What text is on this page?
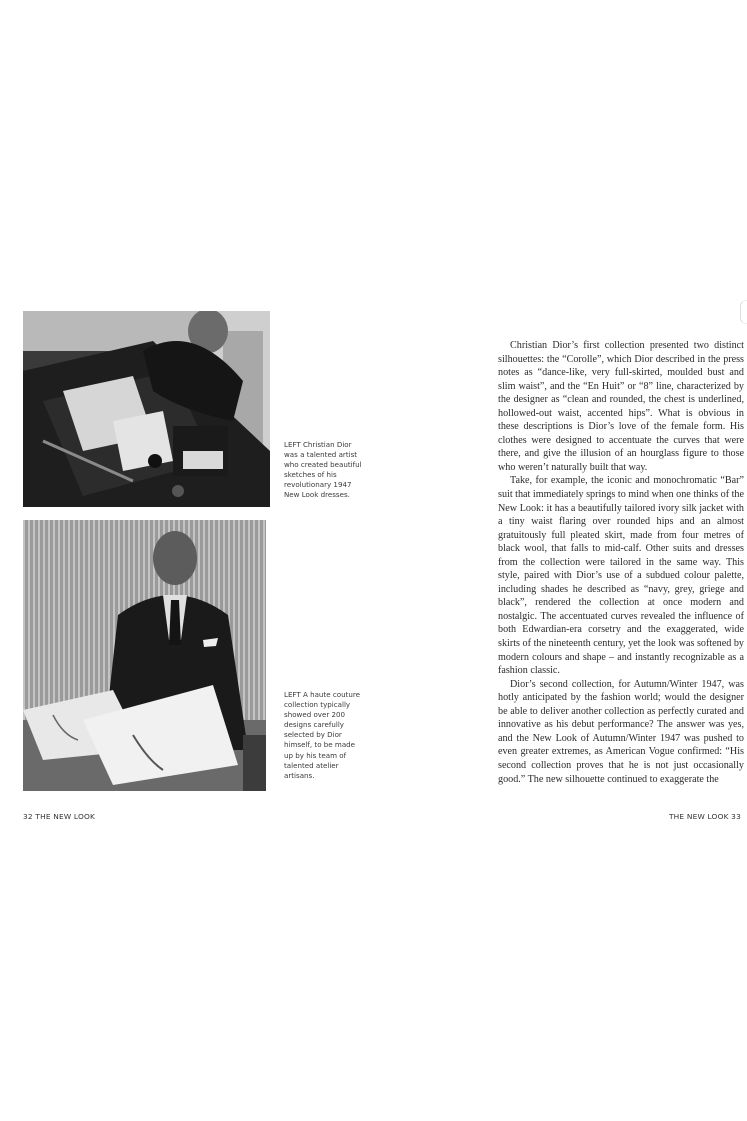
LEFT Christian Dior was a talented artist who created beautiful sketches of his revolutionary 1947 New Look dresses.
LEFT A haute couture collection typically showed over 200 designs carefully selected by Dior himself, to be made up by his team of talented atelier artisans.

Christian Dior’s first collection presented two distinct silhouettes: the “Corolle”, which Dior described in the press notes as “dance-like, very full-skirted, moulded bust and slim waist”, and the “En Huit” or “8” line, characterized by the designer as “clean and rounded, the chest is underlined, hollowed-out waist, accented hips”. What is obvious in these descriptions is Dior’s love of the female form. His clothes were designed to accentuate the curves that were there, and give the illusion of an hourglass figure to those who weren’t naturally built that way.

Take, for example, the iconic and monochromatic “Bar” suit that immediately springs to mind when one thinks of the New Look: it has a beautifully tailored ivory silk jacket with a tiny waist flaring over rounded hips and an almost gratuitously full pleated skirt, made from four metres of black wool, that falls to mid-calf. Other suits and dresses from the collection were tailored in the same way. This style, paired with Dior’s use of a subdued colour palette, including shades he described as “navy, grey, griege and black”, rendered the collection at once modern and nostalgic. The accentuated curves revealed the influence of both Edwardian-era corsetry and the exaggerated, wide skirts of the nineteenth century, yet the look was softened by modern colours and shape – and instantly recognizable as a fashion classic.

Dior’s second collection, for Autumn/Winter 1947, was hotly anticipated by the fashion world; would the designer be able to deliver another collection as perfectly curated and innovative as his debut performance? The answer was yes, and the New Look of Autumn/Winter 1947 was pushed to even greater extremes, as American Vogue confirmed: “His second collection proves that he is not just occasionally good.” The new silhouette continued to exaggerate the

32 THE NEW LOOK	THE NEW LOOK 33
